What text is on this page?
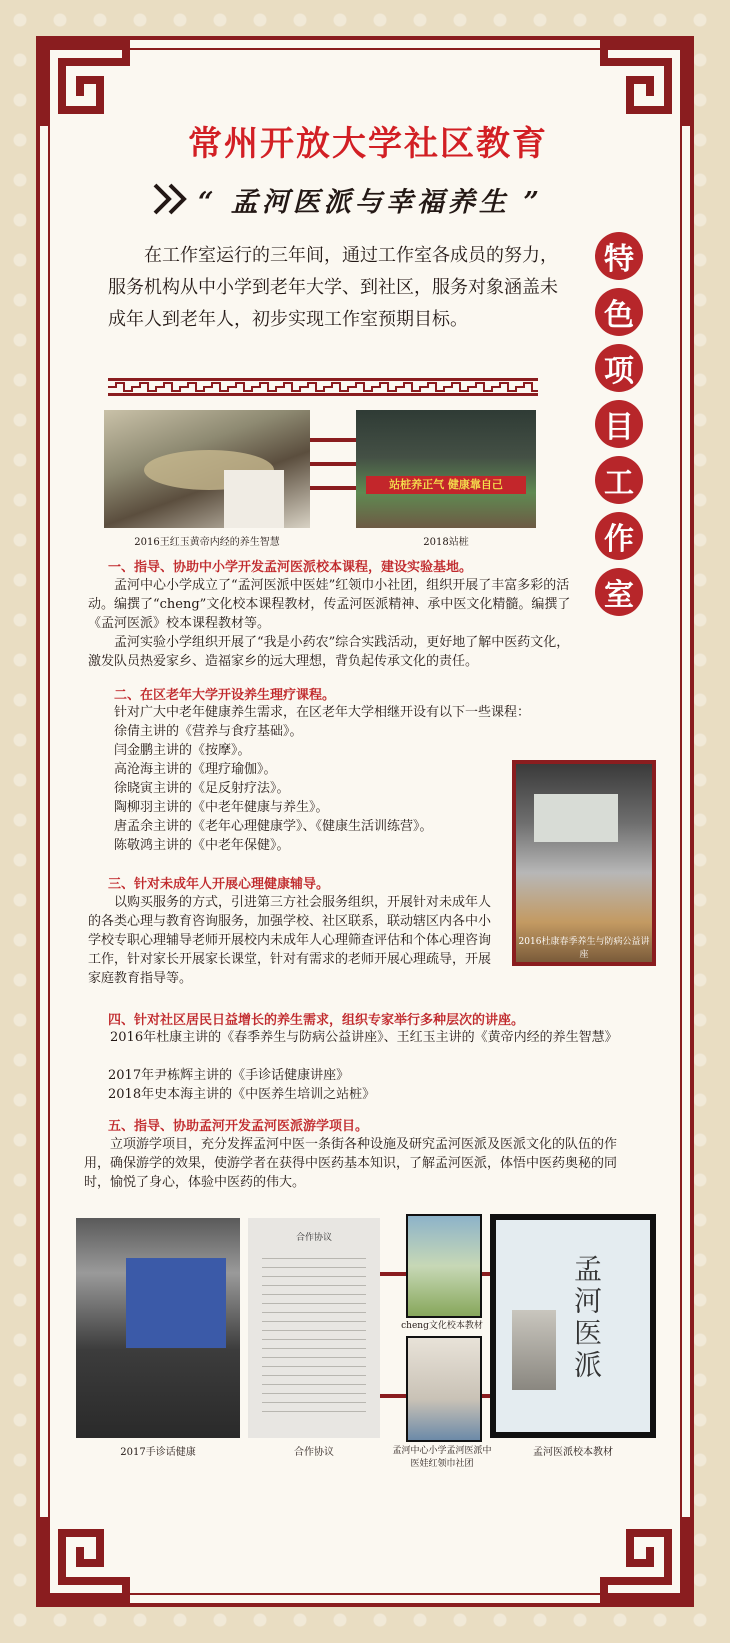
常州开放大学社区教育
“ 孟河医派与幸福养生 ”
在工作室运行的三年间，通过工作室各成员的努力，服务机构从中小学到老年大学、到社区，服务对象涵盖未成年人到老年人，初步实现工作室预期目标。
特
色
项
目
工
作
室
2016王红玉黄帝内经的养生智慧
站桩养正气 健康靠自己
2018站桩
一、指导、协助中小学开发孟河医派校本课程，建设实验基地。

孟河中心小学成立了“孟河医派中医娃”红领巾小社团，组织开展了丰富多彩的活动。编撰了“cheng”文化校本课程教材，传孟河医派精神、承中医文化精髓。编撰了《孟河医派》校本课程教材等。

孟河实验小学组织开展了“我是小药农”综合实践活动，更好地了解中医药文化，激发队员热爱家乡、造福家乡的远大理想，背负起传承文化的责任。

二、在区老年大学开设养生理疗课程。
针对广大中老年健康养生需求，在区老年大学相继开设有以下一些课程：
徐倩主讲的《营养与食疗基础》。
闫金鹏主讲的《按摩》。
高沧海主讲的《理疗瑜伽》。
徐晓寅主讲的《足反射疗法》。
陶柳羽主讲的《中老年健康与养生》。
唐孟余主讲的《老年心理健康学》、《健康生活训练营》。
陈敬鸿主讲的《中老年保健》。
2016杜康春季养生与防病公益讲座
三、针对未成年人开展心理健康辅导。

以购买服务的方式，引进第三方社会服务组织，开展针对未成年人的各类心理与教育咨询服务，加强学校、社区联系，联动辖区内各中小学校专职心理辅导老师开展校内未成年人心理筛查评估和个体心理咨询工作，针对家长开展家长课堂，针对有需求的老师开展心理疏导，开展家庭教育指导等。

四、针对社区居民日益增长的养生需求，组织专家举行多种层次的讲座。

2016年杜康主讲的《春季养生与防病公益讲座》、王红玉主讲的《黄帝内经的养生智慧》

2017年尹栋辉主讲的《手诊话健康讲座》
2018年史本海主讲的《中医养生培训之站桩》
五、指导、协助孟河开发孟河医派游学项目。

立项游学项目，充分发挥孟河中医一条街各种设施及研究孟河医派及医派文化的队伍的作用，确保游学的效果，使游学者在获得中医药基本知识，了解孟河医派，体悟中医药奥秘的同时，愉悦了身心，体验中医药的伟大。

2017手诊话健康
合作协议
合作协议
cheng文化校本教材
孟河中心小学孟河医派中医娃红领巾社团
孟河医派
孟河医派校本教材
